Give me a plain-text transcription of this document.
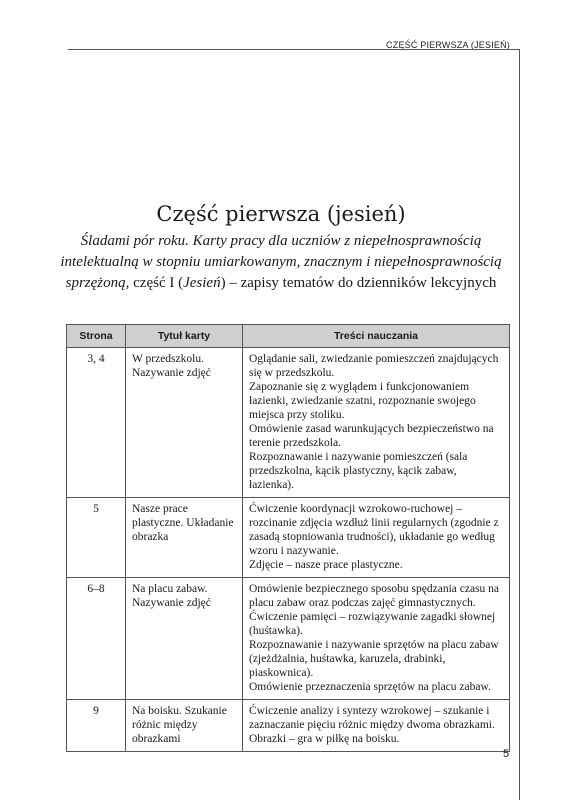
CZĘŚĆ PIERWSZA (JESIEŃ)
Część pierwsza (jesień)
Śladami pór roku. Karty pracy dla uczniów z niepełnosprawnością intelektualną w stopniu umiarkowanym, znacznym i niepełnosprawnością sprzężoną, część I (Jesień) – zapisy tematów do dzienników lekcyjnych
Strona	Tytuł karty	Treści nauczania
3, 4	W przedszkolu. Nazywanie zdjęć	Oglądanie sali, zwiedzanie pomieszczeń znajdujących się w przedszkolu.
Zapoznanie się z wyglądem i funkcjonowaniem łazienki, zwiedzanie szatni, rozpoznanie swojego miejsca przy stoliku.
Omówienie zasad warunkujących bezpieczeństwo na terenie przedszkola.
Rozpoznawanie i nazywanie pomieszczeń (sala przedszkolna, kącik plastyczny, kącik zabaw, łazienka).

5	Nasze prace plastyczne. Układanie obrazka	Ćwiczenie koordynacji wzrokowo-ruchowej – rozcinanie zdjęcia wzdłuż linii regularnych (zgodnie z zasadą stopniowania trudności), układanie go według wzoru i nazywanie.
Zdjęcie – nasze prace plastyczne.

6–8	Na placu zabaw. Nazywanie zdjęć	Omówienie bezpiecznego sposobu spędzania czasu na placu zabaw oraz podczas zajęć gimnastycznych.
Ćwiczenie pamięci – rozwiązywanie zagadki słownej (huśtawka).
Rozpoznawanie i nazywanie sprzętów na placu zabaw (zjeżdżalnia, huśtawka, karuzela, drabinki, piaskownica).
Omówienie przeznaczenia sprzętów na placu zabaw.

9	Na boisku. Szukanie różnic między obrazkami	Ćwiczenie analizy i syntezy wzrokowej – szukanie i zaznaczanie pięciu różnic między dwoma obrazkami.
Obrazki – gra w piłkę na boisku.
5
